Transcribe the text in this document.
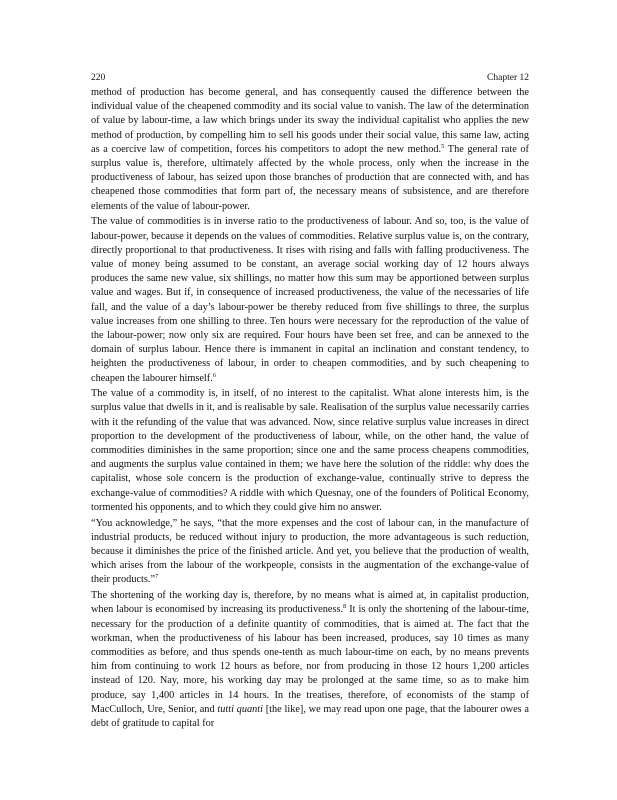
220	Chapter 12

method of production has become general, and has consequently caused the difference between the individual value of the cheapened commodity and its social value to vanish. The law of the determination of value by labour-time, a law which brings under its sway the individual capitalist who applies the new method of production, by compelling him to sell his goods under their social value, this same law, acting as a coercive law of competition, forces his competitors to adopt the new method.$^5$ The general rate of surplus value is, therefore, ultimately affected by the whole process, only when the increase in the productiveness of labour, has seized upon those branches of production that are connected with, and has cheapened those commodities that form part of, the necessary means of subsistence, and are therefore elements of the value of labour-power.

The value of commodities is in inverse ratio to the productiveness of labour. And so, too, is the value of labour-power, because it depends on the values of commodities. Relative surplus value is, on the contrary, directly proportional to that productiveness. It rises with rising and falls with falling productiveness. The value of money being assumed to be constant, an average social working day of 12 hours always produces the same new value, six shillings, no matter how this sum may be apportioned between surplus value and wages. But if, in consequence of increased productiveness, the value of the necessaries of life fall, and the value of a day’s labour-power be thereby reduced from five shillings to three, the surplus value increases from one shilling to three. Ten hours were necessary for the reproduction of the value of the labour-power; now only six are required. Four hours have been set free, and can be annexed to the domain of surplus labour. Hence there is immanent in capital an inclination and constant tendency, to heighten the productiveness of labour, in order to cheapen commodities, and by such cheapening to cheapen the labourer himself.$^6$

The value of a commodity is, in itself, of no interest to the capitalist. What alone interests him, is the surplus value that dwells in it, and is realisable by sale. Realisation of the surplus value necessarily carries with it the refunding of the value that was advanced. Now, since relative surplus value increases in direct proportion to the development of the productiveness of labour, while, on the other hand, the value of commodities diminishes in the same proportion; since one and the same process cheapens commodities, and augments the surplus value contained in them; we have here the solution of the riddle: why does the capitalist, whose sole concern is the production of exchange-value, continually strive to depress the exchange-value of commodities? A riddle with which Quesnay, one of the founders of Political Economy, tormented his opponents, and to which they could give him no answer.

“You acknowledge,” he says, “that the more expenses and the cost of labour can, in the manufacture of industrial products, be reduced without injury to production, the more advantageous is such reduction, because it diminishes the price of the finished article. And yet, you believe that the production of wealth, which arises from the labour of the workpeople, consists in the augmentation of the exchange-value of their products.”$^7$

The shortening of the working day is, therefore, by no means what is aimed at, in capitalist production, when labour is economised by increasing its productiveness.$^8$ It is only the shortening of the labour-time, necessary for the production of a definite quantity of commodities, that is aimed at. The fact that the workman, when the productiveness of his labour has been increased, produces, say 10 times as many commodities as before, and thus spends one-tenth as much labour-time on each, by no means prevents him from continuing to work 12 hours as before, nor from producing in those 12 hours 1,200 articles instead of 120. Nay, more, his working day may be prolonged at the same time, so as to make him produce, say 1,400 articles in 14 hours. In the treatises, therefore, of economists of the stamp of MacCulloch, Ure, Senior, and tutti quanti [the like], we may read upon one page, that the labourer owes a debt of gratitude to capital for
